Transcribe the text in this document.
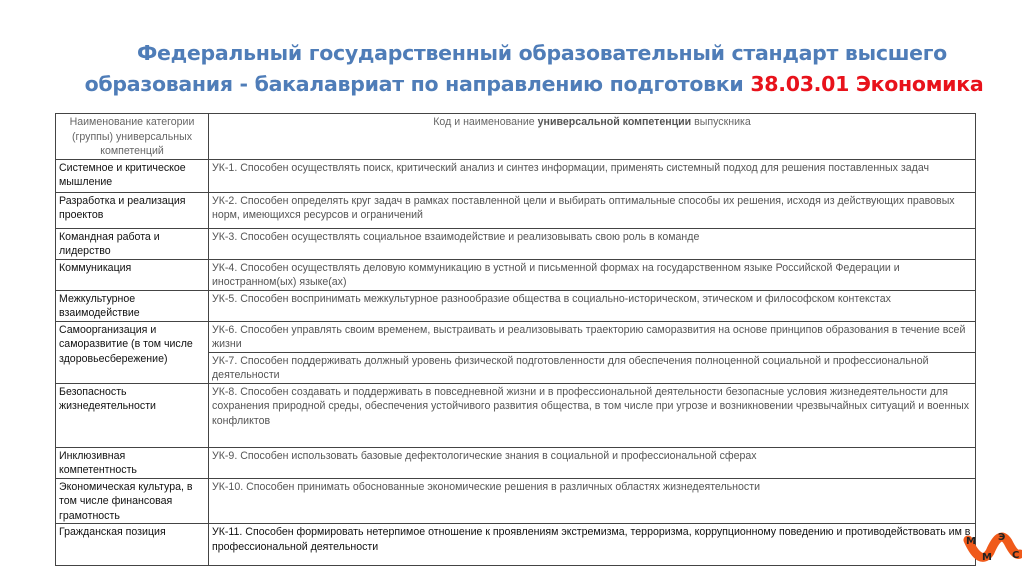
Федеральный государственный образовательный стандарт высшего
образования - бакалавриат по направлению подготовки 38.03.01 Экономика
Наименование категории (группы) универсальных компетенций	Код и наименование универсальной компетенции выпускника
Системное и критическое мышление	УК-1. Способен осуществлять поиск, критический анализ и синтез информации, применять системный подход для решения поставленных задач
Разработка и реализация проектов	УК-2. Способен определять круг задач в рамках поставленной цели и выбирать оптимальные способы их решения, исходя из действующих правовых норм, имеющихся ресурсов и ограничений
Командная работа и лидерство	УК-3. Способен осуществлять социальное взаимодействие и реализовывать свою роль в команде
Коммуникация	УК-4. Способен осуществлять деловую коммуникацию в устной и письменной формах на государственном языке Российской Федерации и иностранном(ых) языке(ах)
Межкультурное взаимодействие	УК-5. Способен воспринимать межкультурное разнообразие общества в социально-историческом, этическом и философском контекстах
Самоорганизация и саморазвитие (в том числе здоровьесбережение)	УК-6. Способен управлять своим временем, выстраивать и реализовывать траекторию саморазвития на основе принципов образования в течение всей жизни
	УК-7. Способен поддерживать должный уровень физической подготовленности для обеспечения полноценной социальной и профессиональной деятельности
Безопасность жизнедеятельности	УК-8. Способен создавать и поддерживать в повседневной жизни и в профессиональной деятельности безопасные условия жизнедеятельности для сохранения природной среды, обеспечения устойчивого развития общества, в том числе при угрозе и возникновении чрезвычайных ситуаций и военных конфликтов
Инклюзивная компетентность	УК-9. Способен использовать базовые дефектологические знания в социальной и профессиональной сферах
Экономическая культура, в том числе финансовая грамотность	УК-10. Способен принимать обоснованные экономические решения в различных областях жизнедеятельности
Гражданская позиция	УК-11. Способен формировать нетерпимое отношение к проявлениям экстремизма, терроризма, коррупционному поведению и противодействовать им в профессиональной деятельности	М
М
Э
С
